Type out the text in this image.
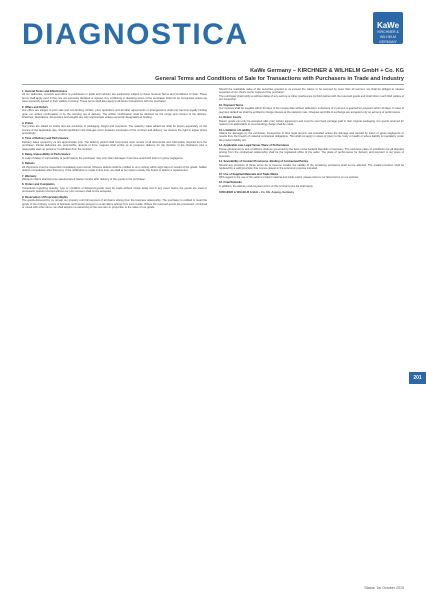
DIAGNOSTICA	KaWe
KIRCHNER & WILHELM GERMANY
KaWe Germany – KIRCHNER & WILHELM GmbH + Co. KG
General Terms and Conditions of Sale for Transactions with Purchasers in Trade and Industry
1. General Terms and Effectiveness

All our deliveries, services and offers to purchasers in trade and industry are exclusively subject to these General Terms and Conditions of Sale. These terms shall apply even if they are not expressly declared or agreed. Any conflicting or deviating terms of the purchaser shall not be recognised unless we have expressly agreed to their validity in writing. These terms shall also apply to all future transactions with the purchaser.

2. Offers and Orders

Our offers are subject to prior sale and non-binding. Orders, price quotations and all other agreements or arrangements shall only become legally binding upon our written confirmation or by the carrying out of delivery. The written confirmation shall be decisive for the scope and content of the delivery. Drawings, illustrations, dimensions and weights are only approximate unless expressly designated as binding.

3. Prices

Our prices are stated ex works and are exclusive of packaging, freight and insurance. The statutory value added tax shall be shown separately on the invoice at the applicable rate. Should significant cost changes occur between conclusion of the contract and delivery, we reserve the right to adjust prices accordingly.

4. Time of Delivery and Performance

Delivery dates quoted by us are approximate only. The delivery period shall commence upon receipt of all documents and information required from the purchaser. Partial deliveries are permissible. Events of force majeure shall entitle us to postpone delivery for the duration of the hindrance plus a reasonable start-up period or to withdraw from the contract.

5. Delay, Impossibility of Performance

In case of delay or impossibility of performance the purchaser may only claim damages if we have acted with intent or gross negligence.

6. Defects

All shipments must be inspected immediately upon arrival. Obvious defects shall be notified to us in writing within eight days of receipt of the goods, hidden defects immediately after discovery. If the notification is made in due time, we shall at our option remedy the defect or deliver a replacement.

7. Warranty

Warranty claims shall become statute-barred twelve months after delivery of the goods to the purchaser.

8. Orders and Complaints

Complaints regarding quantity, type or condition of delivered goods must be made without undue delay and in any event before the goods are used or processed. Goods returned without our prior consent shall not be accepted.

9. Reservation of Proprietary Rights

The goods delivered by us remain our property until full payment of all claims arising from the business relationship. The purchaser is entitled to resell the goods in the ordinary course of business and hereby assigns to us all claims arising from such resale. Where the reserved goods are processed, combined or mixed with other items, we shall acquire co-ownership of the new item in proportion to the value of our goods.

Should the realisable value of the securities granted to us exceed the claims to be secured by more than 10 percent, we shall be obliged to release securities of our choice at the request of the purchaser.

The purchaser shall notify us without delay of any seizure or other interference by third parties with the reserved goods and shall inform such third parties of our ownership.

10. Payment Terms

Our invoices shall be payable within 30 days of the invoice date without deduction. A discount of 2 percent is granted for payment within 10 days. In case of payment default we shall be entitled to charge interest at the statutory rate. Cheques and bills of exchange are accepted only on account of performance.

11. Return Goods

Return goods can only be accepted after prior written agreement and must be sent back carriage paid in their original packaging. For goods returned for reasons not attributable to us a handling charge shall be made.

12. Limitation of Liability

Claims for damages by the purchaser, irrespective of their legal ground, are excluded unless the damage was caused by intent or gross negligence or results from the breach of material contractual obligations. This shall not apply in cases of injury to life, body or health or where liability is mandatory under the product liability act.

13. Applicable Law, Legal Venue, Place of Performance

These general terms and conditions shall be governed by the laws of the Federal Republic of Germany. The exclusive place of jurisdiction for all disputes arising from the contractual relationship shall be the registered office of the seller. The place of performance for delivery and payment is our place of business.

14. Severability of Contract Provisions, Binding of Contractual Parties

Should any provision of these terms be or become invalid, the validity of the remaining provisions shall not be affected. The invalid provision shall be replaced by a valid provision that comes closest to the economic purpose intended.

15. Use of Supplied Materials and Trade Marks

With regard to the use of the seller's product material and trade marks, please refer to our latest terms on our website.

16. Final Remarks

In addition, the delivery and payment terms of this contract price list shall apply.

KIRCHNER & WILHELM GmbH + Co. KG, Asperg, Germany
201
Status: 1st October 2019
